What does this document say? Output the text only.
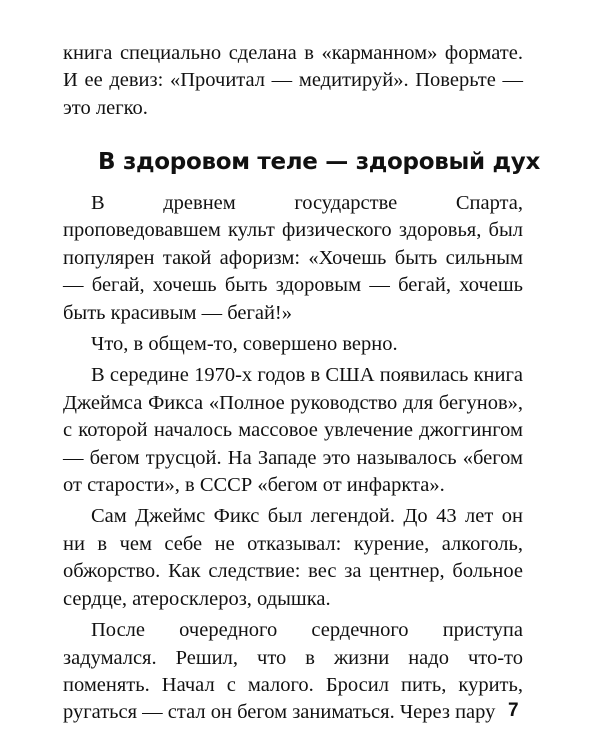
книга специально сделана в «карманном» формате. И ее девиз: «Прочитал — медитируй». Поверьте — это легко.

В здоровом теле — здоровый дух

В древнем государстве Спарта, проповедовавшем культ физического здоровья, был популярен такой афоризм: «Хочешь быть сильным — бегай, хочешь быть здоровым — бегай, хочешь быть красивым — бегай!»

Что, в общем-то, совершено верно.

В середине 1970-х годов в США появилась книга Джеймса Фикса «Полное руководство для бегунов», с которой началось массовое увлечение джоггингом — бегом трусцой. На Западе это называлось «бегом от старости», в СССР «бегом от инфаркта».

Сам Джеймс Фикс был легендой. До 43 лет он ни в чем себе не отказывал: курение, алкоголь, обжорство. Как следствие: вес за центнер, больное сердце, атеросклероз, одышка.

После очередного сердечного приступа задумался. Решил, что в жизни надо что-то поменять. Начал с малого. Бросил пить, курить, ругаться — стал он бегом заниматься. Через пару 7
